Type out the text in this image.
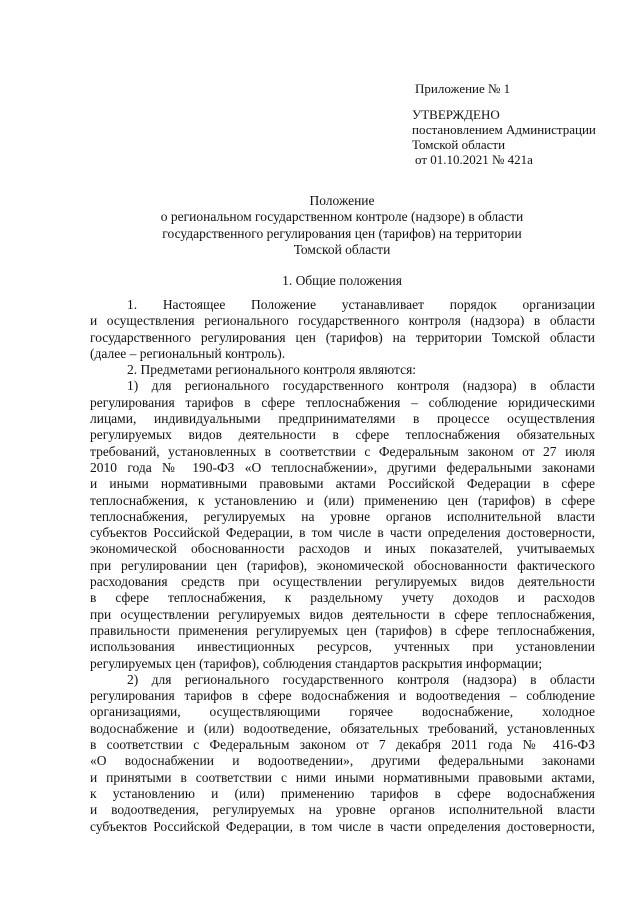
Приложение № 1
УТВЕРЖДЕНО
постановлением Администрации
Томской области
от 01.10.2021 № 421а
Положение
о региональном государственном контроле (надзоре) в области
государственного регулирования цен (тарифов) на территории
Томской области
1. Общие положения
1. Настоящее Положение устанавливает порядок организации
и осуществления регионального государственного контроля (надзора) в области
государственного регулирования цен (тарифов) на территории Томской области
(далее – региональный контроль).
2. Предметами регионального контроля являются:
1) для регионального государственного контроля (надзора) в области
регулирования тарифов в сфере теплоснабжения – соблюдение юридическими
лицами, индивидуальными предпринимателями в процессе осуществления
регулируемых видов деятельности в сфере теплоснабжения обязательных
требований, установленных в соответствии с Федеральным законом от 27 июля
2010 года № 190-ФЗ «О теплоснабжении», другими федеральными законами
и иными нормативными правовыми актами Российской Федерации в сфере
теплоснабжения, к установлению и (или) применению цен (тарифов) в сфере
теплоснабжения, регулируемых на уровне органов исполнительной власти
субъектов Российской Федерации, в том числе в части определения достоверности,
экономической обоснованности расходов и иных показателей, учитываемых
при регулировании цен (тарифов), экономической обоснованности фактического
расходования средств при осуществлении регулируемых видов деятельности
в сфере теплоснабжения, к раздельному учету доходов и расходов
при осуществлении регулируемых видов деятельности в сфере теплоснабжения,
правильности применения регулируемых цен (тарифов) в сфере теплоснабжения,
использования инвестиционных ресурсов, учтенных при установлении
регулируемых цен (тарифов), соблюдения стандартов раскрытия информации;
2) для регионального государственного контроля (надзора) в области
регулирования тарифов в сфере водоснабжения и водоотведения – соблюдение
организациями, осуществляющими горячее водоснабжение, холодное
водоснабжение и (или) водоотведение, обязательных требований, установленных
в соответствии с Федеральным законом от 7 декабря 2011 года № 416-ФЗ
«О водоснабжении и водоотведении», другими федеральными законами
и принятыми в соответствии с ними иными нормативными правовыми актами,
к установлению и (или) применению тарифов в сфере водоснабжения
и водоотведения, регулируемых на уровне органов исполнительной власти
субъектов Российской Федерации, в том числе в части определения достоверности,
